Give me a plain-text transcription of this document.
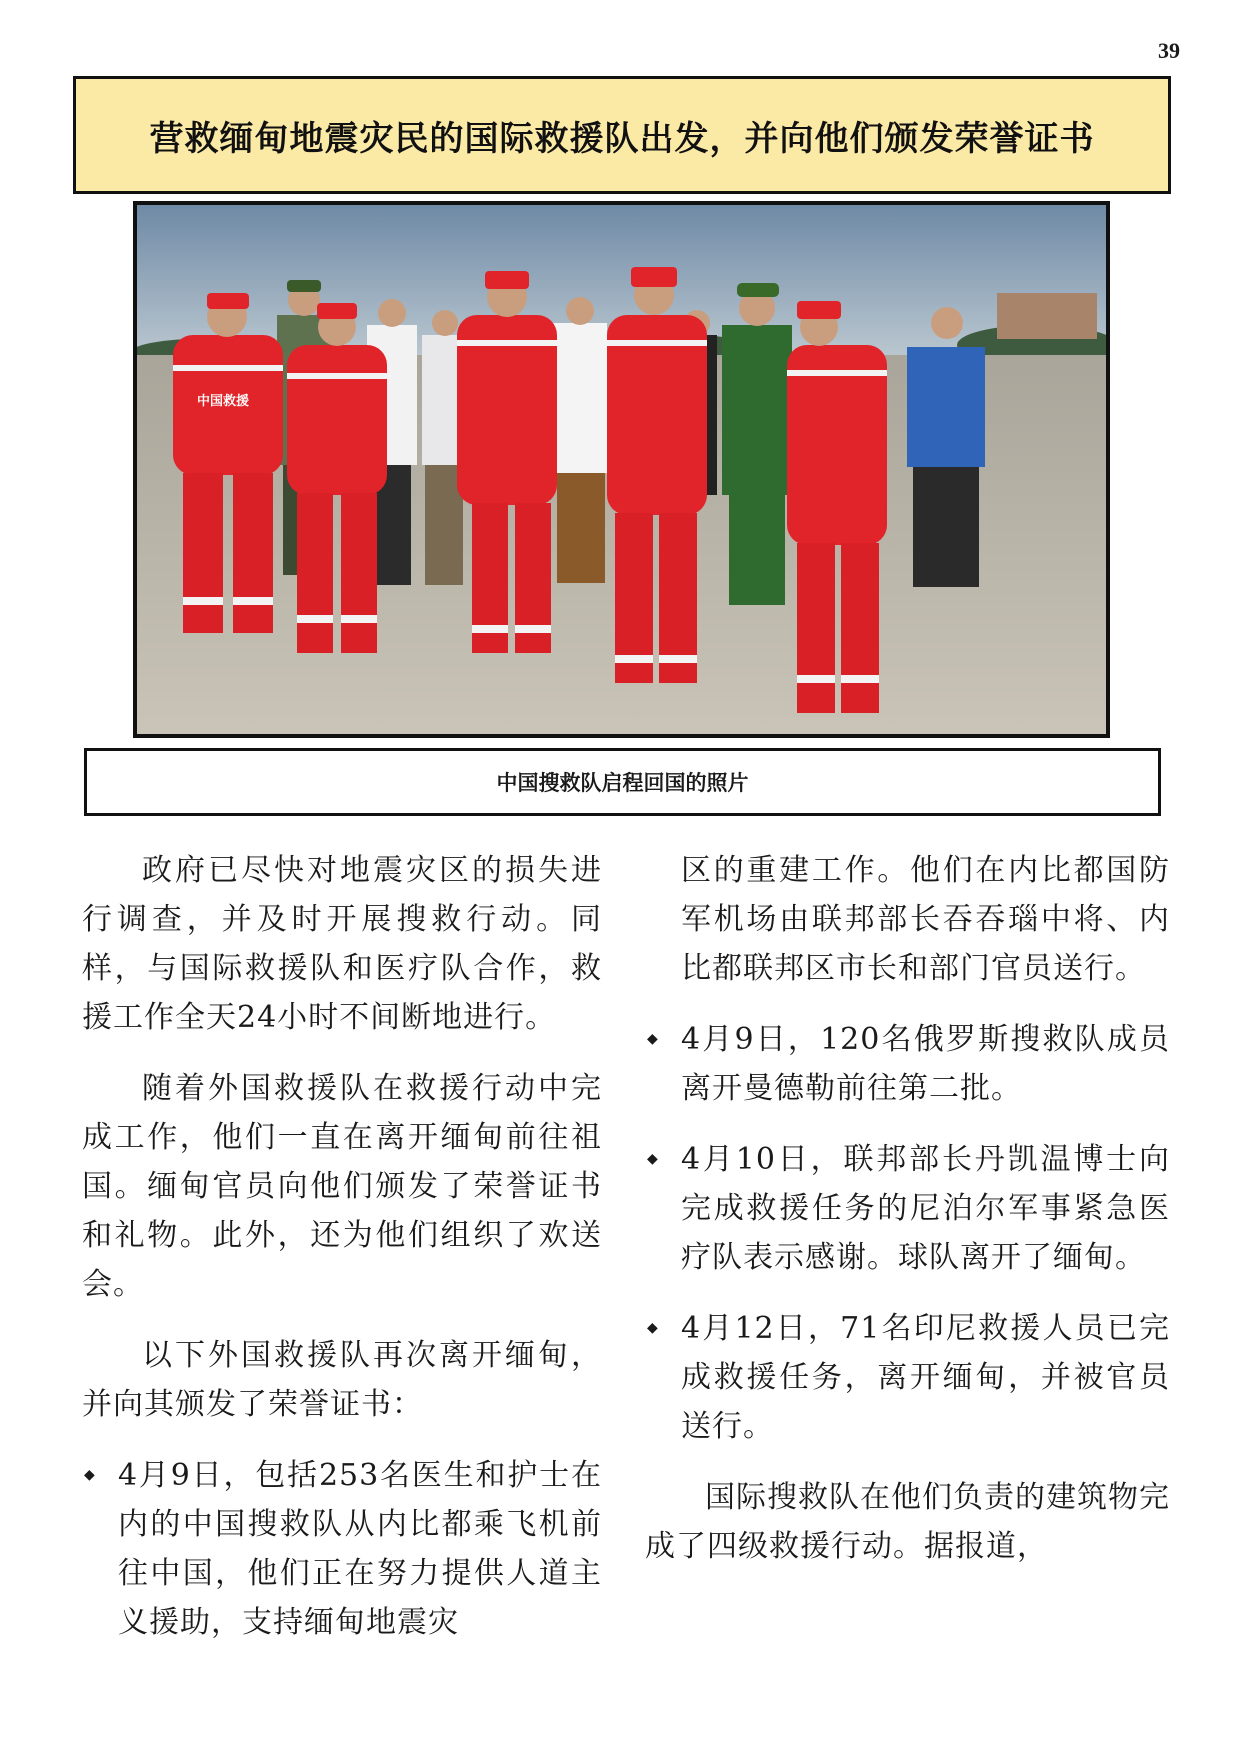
39
营救缅甸地震灾民的国际救援队出发，并向他们颁发荣誉证书
中国救援
中国搜救队启程回国的照片

政府已尽快对地震灾区的损失进行调查，并及时开展搜救行动。同样，与国际救援队和医疗队合作，救援工作全天24小时不间断地进行。

随着外国救援队在救援行动中完成工作，他们一直在离开缅甸前往祖国。缅甸官员向他们颁发了荣誉证书和礼物。此外，还为他们组织了欢送会。

以下外国救援队再次离开缅甸，并向其颁发了荣誉证书：

◆ 4月9日，包括253名医生和护士在内的中国搜救队从内比都乘飞机前往中国，他们正在努力提供人道主义援助，支持缅甸地震灾
区的重建工作。他们在内比都国防军机场由联邦部长吞吞瑙中将、内比都联邦区市长和部门官员送行。
◆ 4月9日，120名俄罗斯搜救队成员离开曼德勒前往第二批。
◆ 4月10日，联邦部长丹凯温博士向完成救援任务的尼泊尔军事紧急医疗队表示感谢。球队离开了缅甸。
◆ 4月12日，71名印尼救援人员已完成救援任务，离开缅甸，并被官员送行。

国际搜救队在他们负责的建筑物完成了四级救援行动。据报道，
